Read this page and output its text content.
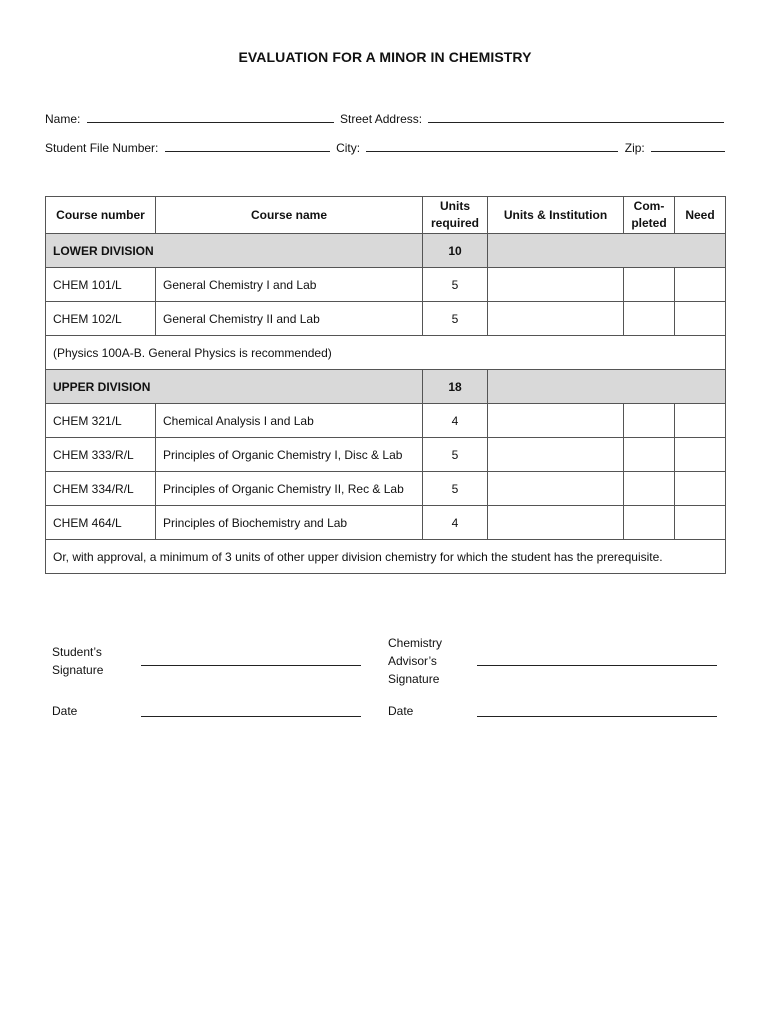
EVALUATION FOR A MINOR IN CHEMISTRY
Name:	Street Address:
Student File Number:	City:	Zip:
Course number	Course name	Units required	Units & Institution	Com-pleted	Need
LOWER DIVISION		10			
CHEM 101/L	General Chemistry I and Lab	5			
CHEM 102/L	General Chemistry II and Lab	5			
(Physics 100A-B. General Physics is recommended)					
UPPER DIVISION		18			
CHEM 321/L	Chemical Analysis I and Lab	4			
CHEM 333/R/L	Principles of Organic Chemistry I, Disc & Lab	5			
CHEM 334/R/L	Principles of Organic Chemistry II, Rec & Lab	5			
CHEM 464/L	Principles of Biochemistry and Lab	4			
Or, with approval, a minimum of 3 units of other upper division chemistry for which the student has the prerequisite.					
Student’s
Signature
Chemistry
Advisor’s
Signature
Date	Date
